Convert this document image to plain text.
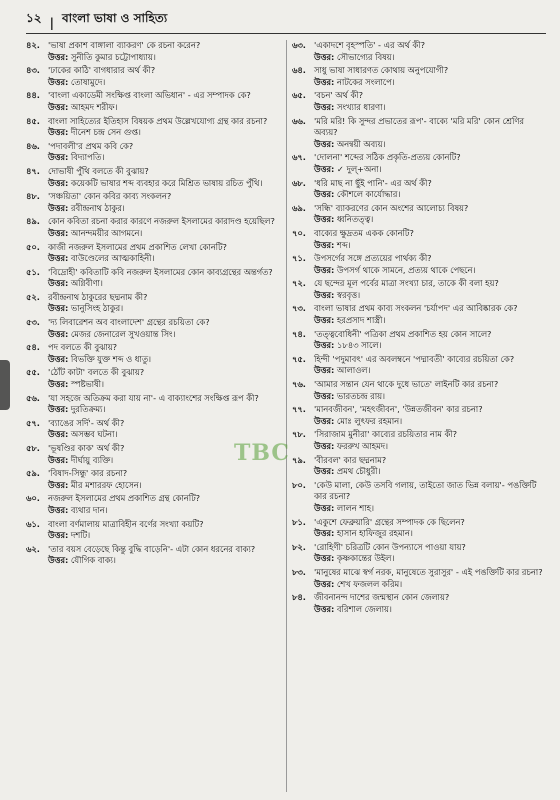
১২ | বাংলা ভাষা ও সাহিত্য
৪২. 'ভাষা প্রকাশ বাঙ্গালা ব্যাকরণ' কে রচনা করেন?
উত্তর: সুনীতি কুমার চট্টোপাধ্যায়।
৪৩. 'ঢাকের কাঠি' বাগধারার অর্থ কী?
উত্তর: তোষামুদে।
৪৪. 'বাংলা একাডেমী সংক্ষিপ্ত বাংলা অভিধান' - এর সম্পাদক কে?
উত্তর: আহমদ শরীফ।
৪৫. বাংলা সাহিত্যের ইতিহাস বিষয়ক প্রথম উল্লেখযোগ্য গ্রন্থ কার রচনা?
উত্তর: দীনেশ চন্দ্র সেন গুপ্ত।
৪৬. 'পদাবলী'র প্রথম কবি কে?
উত্তর: বিদ্যাপতি।
৪৭. দোভাষী পুঁথি বলতে কী বুঝায়?
উত্তর: কয়েকটি ভাষার শব্দ ব্যবহার করে মিশ্রিত ভাষায় রচিত পুঁথি।
৪৮. 'সঞ্চয়িতা' কোন কবির কাব্য সংকলন?
উত্তর: রবীন্দ্রনাথ ঠাকুর।
৪৯. কোন কবিতা রচনা করার কারণে নজরুল ইসলামের কারাদণ্ড হয়েছিল?
উত্তর: আনন্দময়ীর আগমনে।
৫০. কাজী নজরুল ইসলামের প্রথম প্রকাশিত লেখা কোনটি?
উত্তর: বাউণ্ডেলের আত্মকাহিনী।
৫১. 'বিদ্রোহী' কবিতাটি কবি নজরুল ইসলামের কোন কাব্যগ্রন্থের অন্তর্গত?
উত্তর: অগ্নিবীণা।
৫২. রবীন্দ্রনাথ ঠাকুরের ছদ্মনাম কী?
উত্তর: ভানুসিংহ ঠাকুর।
৫৩. 'দ্য লিবারেশন অব বাংলাদেশ' গ্রন্থের রচয়িতা কে?
উত্তর: মেজর জেনারেল সুখওয়ান্ত সিং।
৫৪. পদ বলতে কী বুঝায়?
উত্তর: বিভক্তি যুক্ত শব্দ ও ধাতু।
৫৫. 'ঠোঁট কাটা' বলতে কী বুঝায়?
উত্তর: স্পষ্টভাষী।
৫৬. 'যা সহজে অতিক্রম করা যায় না'- এ বাক্যাংশের সংক্ষিপ্ত রূপ কী?
উত্তর: দুরতিক্রম্য।
৫৭. 'ব্যাঙের সর্দি'- অর্থ কী?
উত্তর: অসম্ভব ঘটনা।
৫৮. 'ভূষণ্ডির কাক' অর্থ কী?
উত্তর: দীর্ঘায়ু ব্যক্তি।
৫৯. 'বিষাদ-সিন্ধু' কার রচনা?
উত্তর: মীর মশাররফ হোসেন।
৬০. নজরুল ইসলামের প্রথম প্রকাশিত গ্রন্থ কোনটি?
উত্তর: ব্যথার দান।
৬১. বাংলা বর্ণমালায় মাত্রাবিহীন বর্ণের সংখ্যা কয়টি?
উত্তর: দশটি।
৬২. 'তার বয়স বেড়েছে কিন্তু বুদ্ধি বাড়েনি'- এটা কোন ধরনের বাক্য?
উত্তর: যৌগিক বাক্য।
৬৩. 'একাদশে বৃহস্পতি' - এর অর্থ কী?
উত্তর: সৌভাগ্যের বিষয়।
৬৪. সাধু ভাষা সাধারণত কোথায় অনুপযোগী?
উত্তর: নাটকের সংলাপে।
৬৫. 'বচন' অর্থ কী?
উত্তর: সংখ্যার ধারণা।
৬৬. 'মরি মরি! কি সুন্দর প্রভাতের রূপ'- বাক্যে 'মরি মরি' কোন শ্রেণির অব্যয়?
উত্তর: অনন্বয়ী অব্যয়।
৬৭. 'দোলনা' শব্দের সঠিক প্রকৃতি-প্রত্যয় কোনটি?
উত্তর: ✓ দুল্+অনা।
৬৮. 'ধরি মাছ না ছুঁই পানি'- এর অর্থ কী?
উত্তর: কৌশলে কার্যোদ্ধার।
৬৯. 'সন্ধি' ব্যাকরণের কোন অংশের আলোচ্য বিষয়?
উত্তর: ধ্বনিতত্ত্ব।
৭০. বাক্যের ক্ষুদ্রতম একক কোনটি?
উত্তর: শব্দ।
৭১. উপসর্গের সঙ্গে প্রত্যয়ের পার্থক্য কী?
উত্তর: উপসর্গ থাকে সামনে, প্রত্যয় থাকে পেছনে।
৭২. যে ছন্দের মূল পর্বের মাত্রা সংখ্যা চার, তাকে কী বলা হয়?
উত্তর: স্বরবৃত্ত।
৭৩. বাংলা ভাষার প্রথম কাব্য সংকলন 'চর্যাপদ' এর আবিষ্কারক কে?
উত্তর: হরপ্রসাদ শাস্ত্রী।
৭৪. 'তত্ত্ববোধিনী' পত্রিকা প্রথম প্রকাশিত হয় কোন সালে?
উত্তর: ১৮৪৩ সালে।
৭৫. হিন্দী 'পদুমাবৎ' এর অবলম্বনে 'পদ্মাবতী' কাব্যের রচয়িতা কে?
উত্তর: আলাওল।
৭৬. 'আমার সন্তান যেন থাকে দুধে ভাতে' লাইনটি কার রচনা?
উত্তর: ভারতচন্দ্র রায়।
৭৭. 'মানবজীবন', 'মহৎজীবন', 'উন্নতজীবন' কার রচনা?
উত্তর: মোঃ লুৎফর রহমান।
৭৮. 'সিরাজাম মুনীরা' কাব্যের রচয়িতার নাম কী?
উত্তর: ফররুখ আহমদ।
৭৯. 'বীরবল' কার ছদ্মনাম?
উত্তর: প্রমথ চৌধুরী।
৮০. 'কেউ মালা, কেউ তসবি গলায়, তাইতো জাত ভিন্ন বলায়'- পঙক্তিটি কার রচনা?
উত্তর: লালন শাহ।
৮১. 'একুশে ফেব্রুয়ারি' গ্রন্থের সম্পাদক কে ছিলেন?
উত্তর: হাসান হাফিজুর রহমান।
৮২. 'রোহিণী' চরিত্রটি কোন উপন্যাসে পাওয়া যায়?
উত্তর: কৃষ্ণকান্তের উইল।
৮৩. 'মানুষের মাঝে স্বর্গ নরক, মানুষেতে সুরাসুর' - এই পঙক্তিটি কার রচনা?
উত্তর: শেখ ফজলল করিম।
৮৪. জীবনানন্দ দাশের জন্মস্থান কোন জেলায়?
উত্তর: বরিশাল জেলায়।
TBC
